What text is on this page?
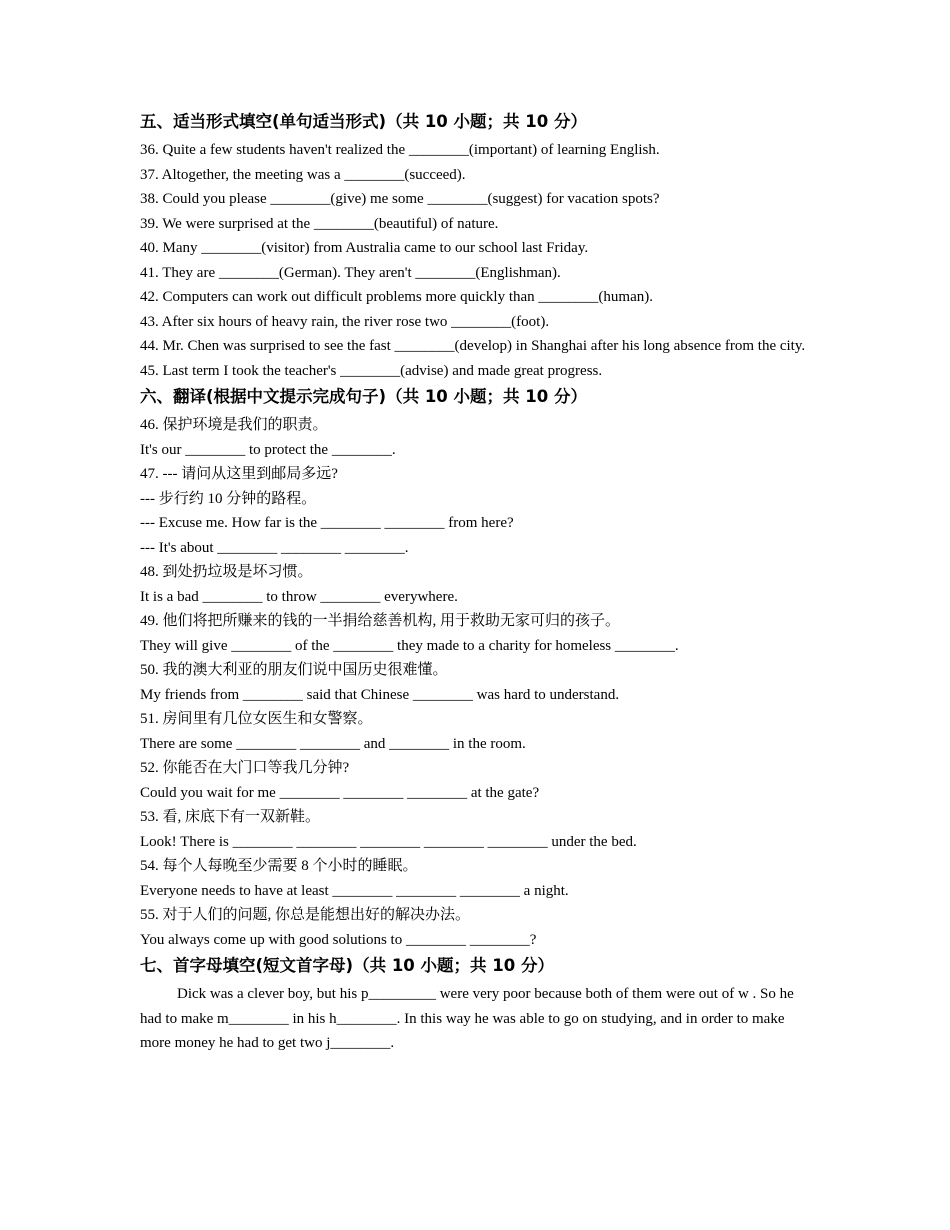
五、适当形式填空(单句适当形式)（共 10 小题；共 10 分）

36. Quite a few students haven't realized the ________(important) of learning English.

37. Altogether, the meeting was a ________(succeed).

38. Could you please ________(give) me some ________(suggest) for vacation spots?

39. We were surprised at the ________(beautiful) of nature.

40. Many ________(visitor) from Australia came to our school last Friday.

41. They are ________(German). They aren't ________(Englishman).

42. Computers can work out difficult problems more quickly than ________(human).

43. After six hours of heavy rain, the river rose two ________(foot).

44. Mr. Chen was surprised to see the fast ________(develop) in Shanghai after his long absence from the city.

45. Last term I took the teacher's ________(advise) and made great progress.

六、翻译(根据中文提示完成句子)（共 10 小题；共 10 分）

46. 保护环境是我们的职责。

It's our ________ to protect the ________.

47. --- 请问从这里到邮局多远?

--- 步行约 10 分钟的路程。

--- Excuse me. How far is the ________ ________ from here?

--- It's about ________ ________ ________.

48. 到处扔垃圾是坏习惯。

It is a bad ________ to throw ________ everywhere.

49. 他们将把所赚来的钱的一半捐给慈善机构, 用于救助无家可归的孩子。

They will give ________ of the ________ they made to a charity for homeless ________.

50. 我的澳大利亚的朋友们说中国历史很难懂。

My friends from ________ said that Chinese ________ was hard to understand.

51. 房间里有几位女医生和女警察。

There are some ________ ________ and ________ in the room.

52. 你能否在大门口等我几分钟?

Could you wait for me ________ ________ ________ at the gate?

53. 看, 床底下有一双新鞋。

Look! There is ________ ________ ________ ________ ________ under the bed.

54. 每个人每晚至少需要 8 个小时的睡眠。

Everyone needs to have at least ________ ________ ________ a night.

55. 对于人们的问题, 你总是能想出好的解决办法。

You always come up with good solutions to ________ ________?

七、首字母填空(短文首字母)（共 10 小题；共 10 分）

Dick was a clever boy, but his p_________ were very poor because both of them were out of w . So he had to make m________ in his h________. In this way he was able to go on studying, and in order to make more money he had to get two j________.
